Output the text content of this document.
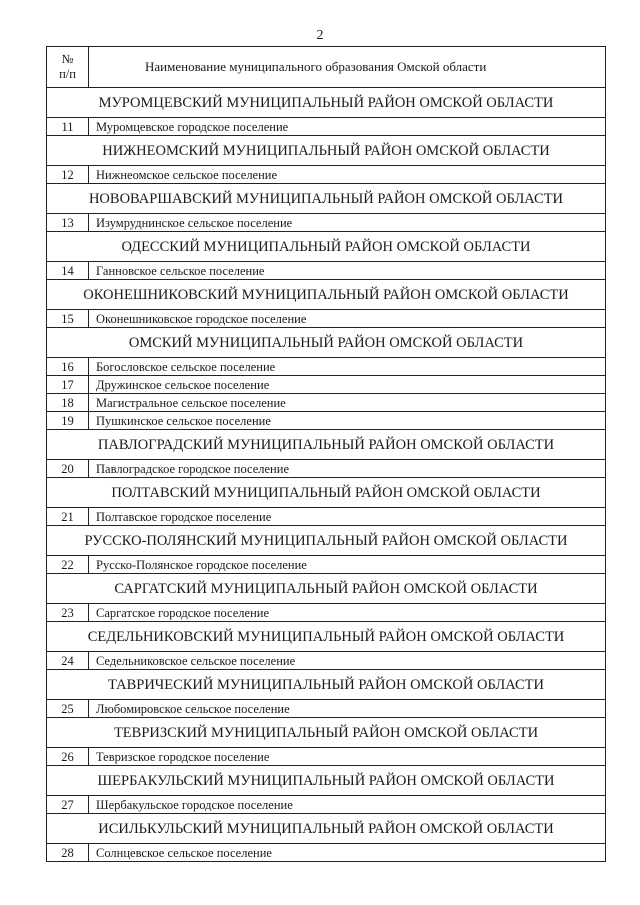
2
№
п/п	Наименование муниципального образования Омской области
МУРОМЦЕВСКИЙ МУНИЦИПАЛЬНЫЙ РАЙОН ОМСКОЙ ОБЛАСТИ	
11	Муромцевское городское поселение
НИЖНЕОМСКИЙ МУНИЦИПАЛЬНЫЙ РАЙОН ОМСКОЙ ОБЛАСТИ	
12	Нижнеомское сельское поселение
НОВОВАРШАВСКИЙ МУНИЦИПАЛЬНЫЙ РАЙОН ОМСКОЙ ОБЛАСТИ	
13	Изумруднинское сельское поселение
ОДЕССКИЙ МУНИЦИПАЛЬНЫЙ РАЙОН ОМСКОЙ ОБЛАСТИ	
14	Ганновское сельское поселение
ОКОНЕШНИКОВСКИЙ МУНИЦИПАЛЬНЫЙ РАЙОН ОМСКОЙ ОБЛАСТИ	
15	Оконешниковское городское поселение
ОМСКИЙ МУНИЦИПАЛЬНЫЙ РАЙОН ОМСКОЙ ОБЛАСТИ	
16	Богословское сельское поселение
17	Дружинское сельское поселение
18	Магистральное сельское поселение
19	Пушкинское сельское поселение
ПАВЛОГРАДСКИЙ МУНИЦИПАЛЬНЫЙ РАЙОН ОМСКОЙ ОБЛАСТИ	
20	Павлоградское городское поселение
ПОЛТАВСКИЙ МУНИЦИПАЛЬНЫЙ РАЙОН ОМСКОЙ ОБЛАСТИ	
21	Полтавское городское поселение
РУССКО-ПОЛЯНСКИЙ МУНИЦИПАЛЬНЫЙ РАЙОН ОМСКОЙ ОБЛАСТИ	
22	Русско-Полянское городское поселение
САРГАТСКИЙ МУНИЦИПАЛЬНЫЙ РАЙОН ОМСКОЙ ОБЛАСТИ	
23	Саргатское городское поселение
СЕДЕЛЬНИКОВСКИЙ МУНИЦИПАЛЬНЫЙ РАЙОН ОМСКОЙ ОБЛАСТИ	
24	Седельниковское сельское поселение
ТАВРИЧЕСКИЙ МУНИЦИПАЛЬНЫЙ РАЙОН ОМСКОЙ ОБЛАСТИ	
25	Любомировское сельское поселение
ТЕВРИЗСКИЙ МУНИЦИПАЛЬНЫЙ РАЙОН ОМСКОЙ ОБЛАСТИ	
26	Тевризское городское поселение
ШЕРБАКУЛЬСКИЙ МУНИЦИПАЛЬНЫЙ РАЙОН ОМСКОЙ ОБЛАСТИ	
27	Шербакульское городское поселение
ИСИЛЬКУЛЬСКИЙ МУНИЦИПАЛЬНЫЙ РАЙОН ОМСКОЙ ОБЛАСТИ	
28	Солнцевское сельское поселение
